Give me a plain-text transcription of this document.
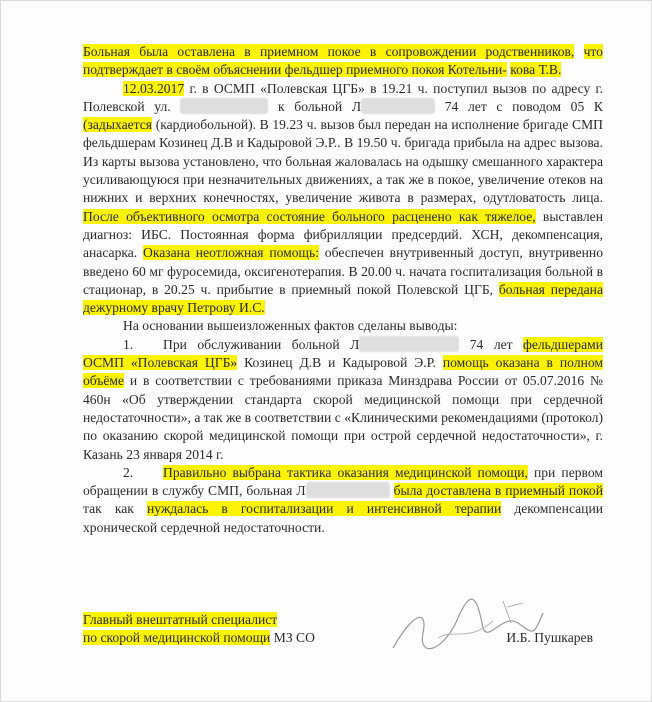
Больная была оставлена в приемном покое в сопровождении родственников, что подтверждает в своём объяснении фельдшер приемного покоя Котельни- кова Т.В.

12.03.2017 г. в ОСМП «Полевская ЦГБ» в 19.21 ч. поступил вызов по адресу г. Полевской ул.	к больной Л	74 лет с поводом 05 К (задыхается (кардиобольной). В 19.23 ч. вызов был передан на исполнение бригаде СМП фельдшерам Козинец Д.В и Кадыровой Э.Р.. В 19.50 ч. бригада прибыла на адрес вызова. Из карты вызова установлено, что больная жаловалась на одышку смешанного характера усиливающуюся при незначительных движениях, а так же в покое, увеличение отеков на нижних и верхних конечностях, увеличение живота в размерах, одутловатость лица. После объективного осмотра состояние больного расценено как тяжелое, выставлен диагноз: ИБС. Постоянная форма фибрилляции предсердий. ХСН, декомпенсация, анасарка. Оказана неотложная помощь: обеспечен внутривенный доступ, внутривенно введено 60 мг фуросемида, оксигенотерапия. В 20.00 ч. начата госпитализация больной в стационар, в 20.25 ч. прибытие в приемный покой Полевской ЦГБ, больная передана дежурному врачу Петрову И.С.

На основании вышеизложенных фактов сделаны выводы:

1. При обслуживании больной Л	74 лет фельдшерами ОСМП «Полевская ЦГБ» Козинец Д.В и Кадыровой Э.Р. помощь оказана в полном объёме и в соответствии с требованиями приказа Минздрава России от 05.07.2016 № 460н «Об утверждении стандарта скорой медицинской помощи при сердечной недостаточности», а так же в соответствии с «Клиническими рекомендациями (протокол) по оказанию скорой медицинской помощи при острой сердечной недостаточности», г. Казань 23 января 2014 г.

2. Правильно выбрана тактика оказания медицинской помощи, при первом обращении в службу СМП, больная Л	была доставлена в приемный покой так как нуждалась в госпитализации и интенсивной терапии декомпенсации хронической сердечной недостаточности.

Главный внештатный специалист
по скорой медицинской помощи МЗ СО	И.Б. Пушкарев
